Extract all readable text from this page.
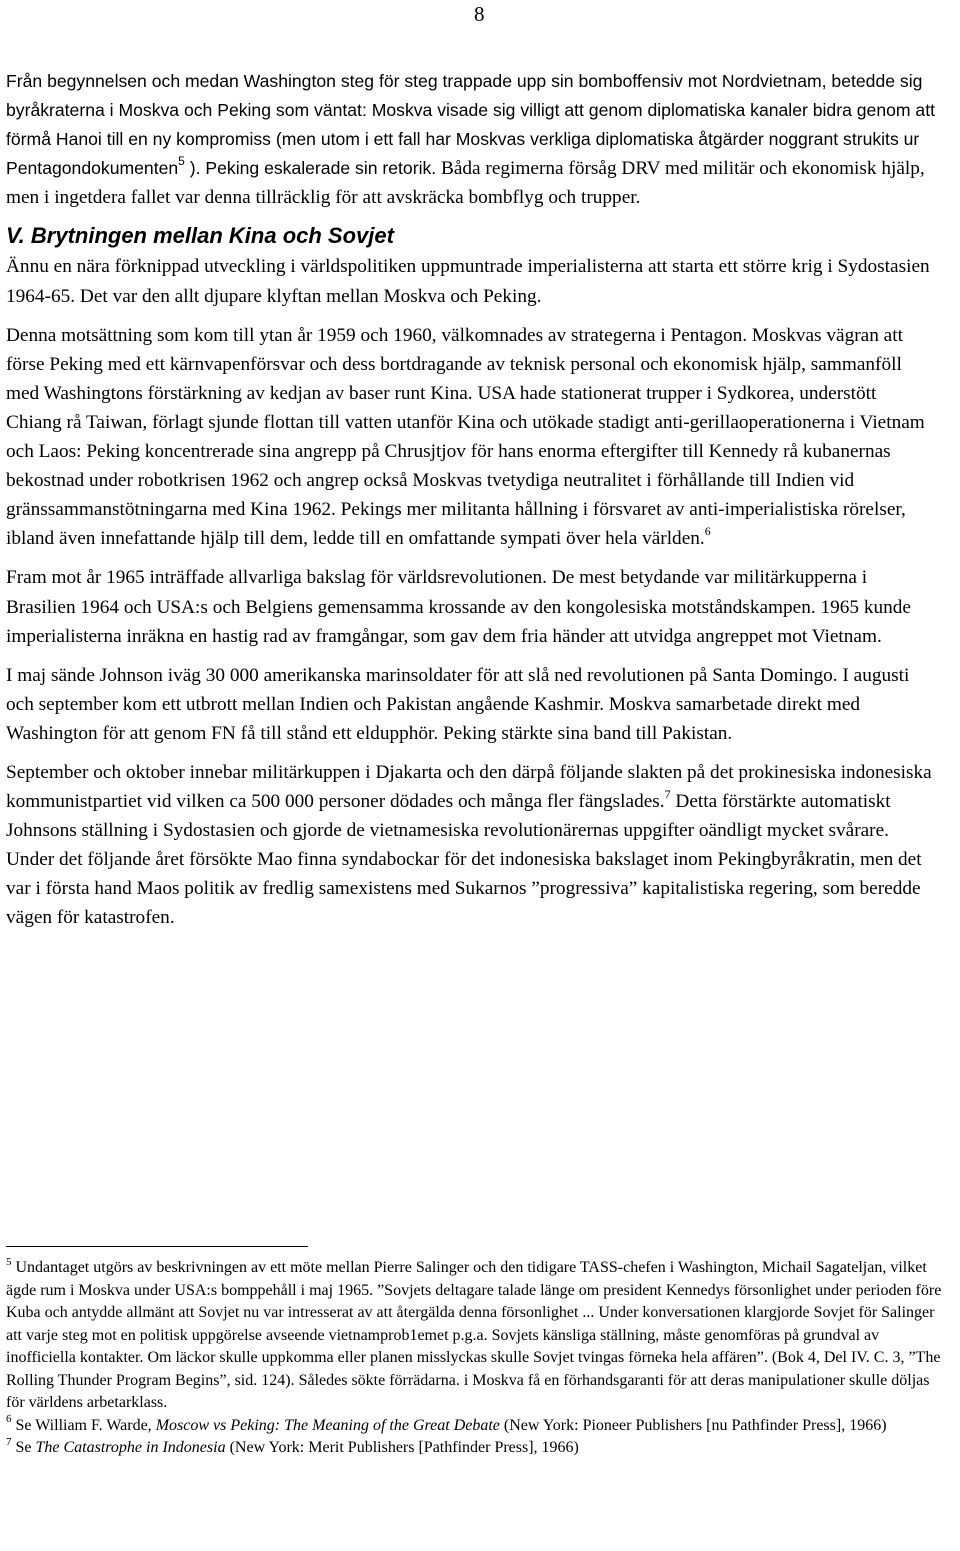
8

Från begynnelsen och medan Washington steg för steg trappade upp sin bomboffensiv mot Nordvietnam, betedde sig byråkraterna i Moskva och Peking som väntat: Moskva visade sig villigt att genom diplomatiska kanaler bidra genom att förmå Hanoi till en ny kompromiss (men utom i ett fall har Moskvas verkliga diplomatiska åtgärder noggrant strukits ur Pentagondokumenten$^5$ ). Peking eskalerade sin retorik. Båda regimerna försåg DRV med militär och ekonomisk hjälp, men i ingetdera fallet var denna tillräcklig för att avskräcka bombflyg och trupper.

V. Brytningen mellan Kina och Sovjet

Ännu en nära förknippad utveckling i världspolitiken uppmuntrade imperialisterna att starta ett större krig i Sydostasien 1964-65. Det var den allt djupare klyftan mellan Moskva och Peking.

Denna motsättning som kom till ytan år 1959 och 1960, välkomnades av strategerna i Pentagon. Moskvas vägran att förse Peking med ett kärnvapenförsvar och dess bortdragande av teknisk personal och ekonomisk hjälp, sammanföll med Washingtons förstärkning av kedjan av baser runt Kina. USA hade stationerat trupper i Sydkorea, understött Chiang rå Taiwan, förlagt sjunde flottan till vatten utanför Kina och utökade stadigt anti-gerillaoperationerna i Vietnam och Laos: Peking koncentrerade sina angrepp på Chrusjtjov för hans enorma eftergifter till Kennedy rå kubanernas bekostnad under robotkrisen 1962 och angrep också Moskvas tvetydiga neutralitet i förhållande till Indien vid gränssammanstötningarna med Kina 1962. Pekings mer militanta hållning i försvaret av anti-imperialistiska rörelser, ibland även innefattande hjälp till dem, ledde till en omfattande sympati över hela världen.$^6$

Fram mot år 1965 inträffade allvarliga bakslag för världsrevolutionen. De mest betydande var militärkupperna i Brasilien 1964 och USA:s och Belgiens gemensamma krossande av den kongolesiska motståndskampen. 1965 kunde imperialisterna inräkna en hastig rad av framgångar, som gav dem fria händer att utvidga angreppet mot Vietnam.

I maj sände Johnson iväg 30 000 amerikanska marinsoldater för att slå ned revolutionen på Santa Domingo. I augusti och september kom ett utbrott mellan Indien och Pakistan angående Kashmir. Moskva samarbetade direkt med Washington för att genom FN få till stånd ett eldupphör. Peking stärkte sina band till Pakistan.

September och oktober innebar militärkuppen i Djakarta och den därpå följande slakten på det prokinesiska indonesiska kommunistpartiet vid vilken ca 500 000 personer dödades och många fler fängslades.$^7$ Detta förstärkte automatiskt Johnsons ställning i Sydostasien och gjorde de vietnamesiska revolutionärernas uppgifter oändligt mycket svårare. Under det följande året försökte Mao finna syndabockar för det indonesiska bakslaget inom Pekingbyråkratin, men det var i första hand Maos politik av fredlig samexistens med Sukarnos ”progressiva” kapitalistiska regering, som beredde vägen för katastrofen.

$^5$ Undantaget utgörs av beskrivningen av ett möte mellan Pierre Salinger och den tidigare TASS-chefen i Washington, Michail Sagateljan, vilket ägde rum i Moskva under USA:s bomppehåll i maj 1965. ”Sovjets deltagare talade länge om president Kennedys försonlighet under perioden före Kuba och antydde allmänt att Sovjet nu var intresserat av att återgälda denna försonlighet ... Under konversationen klargjorde Sovjet för Salinger att varje steg mot en politisk uppgörelse avseende vietnamprob1emet p.g.a. Sovjets känsliga ställning, måste genomföras på grundval av inofficiella kontakter. Om läckor skulle uppkomma eller planen misslyckas skulle Sovjet tvingas förneka hela affären”. (Bok 4, Del IV. C. 3, ”The Rolling Thunder Program Begins”, sid. 124). Således sökte förrädarna. i Moskva få en förhandsgaranti för att deras manipulationer skulle döljas för världens arbetarklass.

$^6$ Se William F. Warde, Moscow vs Peking: The Meaning of the Great Debate (New York: Pioneer Publishers [nu Pathfinder Press], 1966)

$^7$ Se The Catastrophe in Indonesia (New York: Merit Publishers [Pathfinder Press], 1966)
